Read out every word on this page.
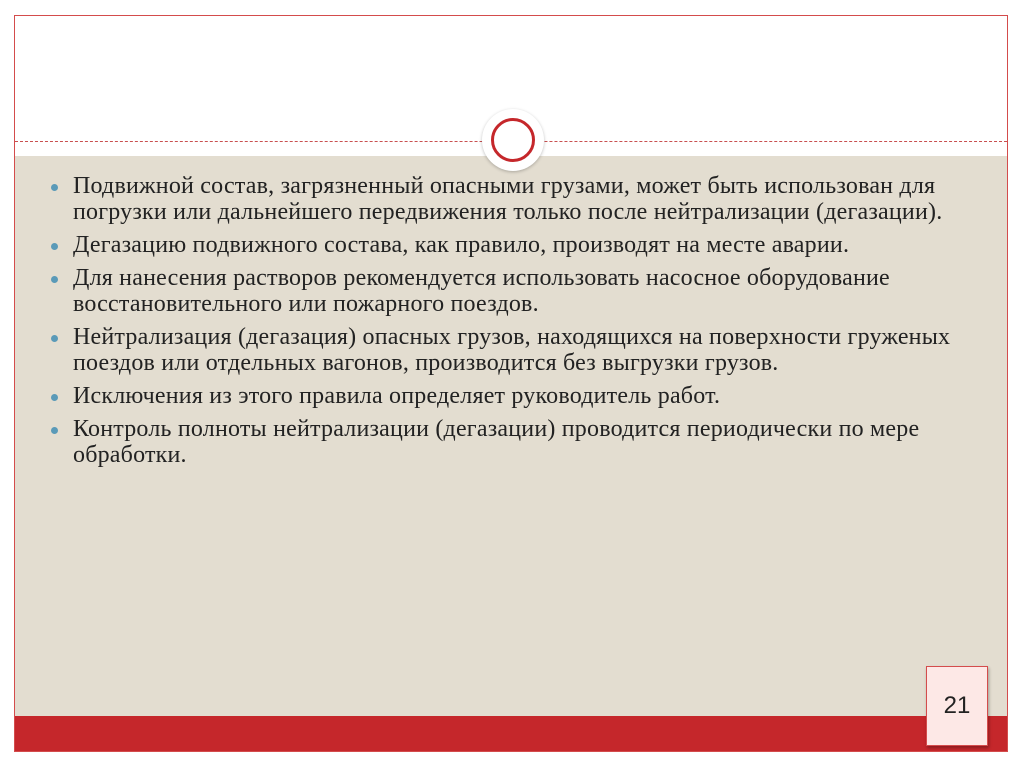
Подвижной состав, загрязненный опасными грузами, может быть использован для погрузки или дальнейшего передвижения только после нейтрализации (дегазации).
Дегазацию подвижного состава, как правило, производят на месте аварии.
Для нанесения растворов рекомендуется использовать насосное оборудование восстановительного или пожарного поездов.
Нейтрализация (дегазация) опасных грузов, находящихся на поверхности груженых поездов или отдельных вагонов, производится без выгрузки грузов.
Исключения из этого правила определяет руководитель работ.
Контроль полноты нейтрализации (дегазации) проводится периодически по мере обработки.
21
